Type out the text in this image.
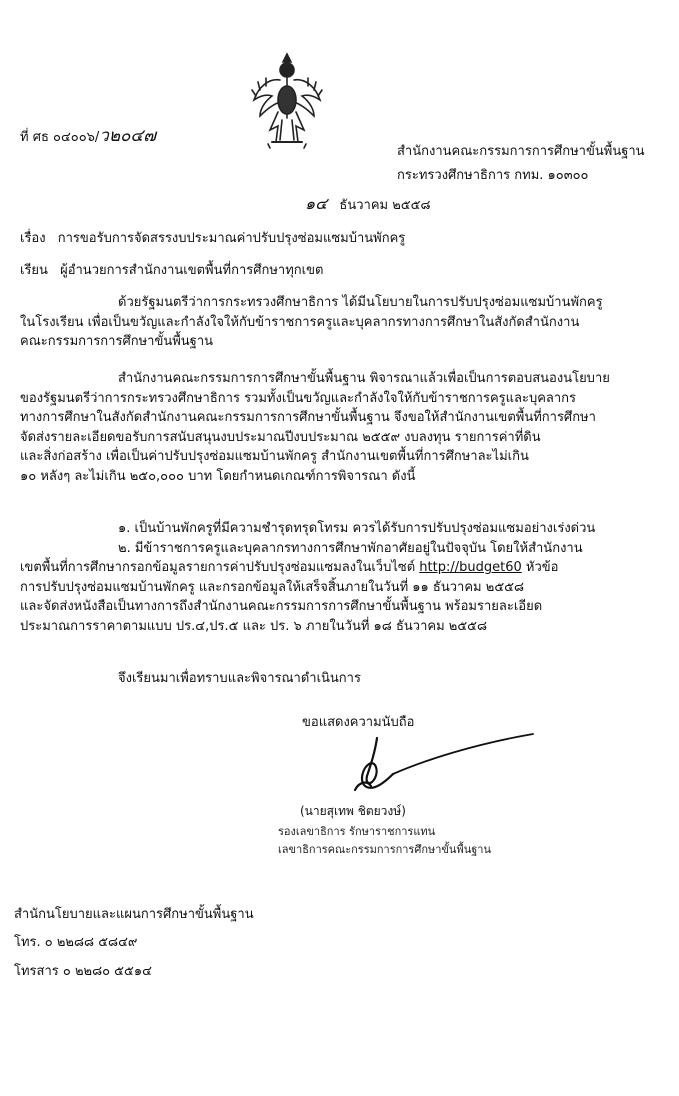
ที่ ศธ ๐๔๐๐๖/ว๒๐๔๗
สำนักงานคณะกรรมการการศึกษาขั้นพื้นฐาน
กระทรวงศึกษาธิการ กทม. ๑๐๓๐๐
๑๔ ธันวาคม ๒๕๕๘
เรื่อง การขอรับการจัดสรรงบประมาณค่าปรับปรุงซ่อมแซมบ้านพักครู
เรียน ผู้อำนวยการสำนักงานเขตพื้นที่การศึกษาทุกเขต
ด้วยรัฐมนตรีว่าการกระทรวงศึกษาธิการ ได้มีนโยบายในการปรับปรุงซ่อมแซมบ้านพักครู
ในโรงเรียน เพื่อเป็นขวัญและกำลังใจให้กับข้าราชการครูและบุคลากรทางการศึกษาในสังกัดสำนักงาน
คณะกรรมการการศึกษาขั้นพื้นฐาน
สำนักงานคณะกรรมการการศึกษาขั้นพื้นฐาน พิจารณาแล้วเพื่อเป็นการตอบสนองนโยบาย
ของรัฐมนตรีว่าการกระทรวงศึกษาธิการ รวมทั้งเป็นขวัญและกำลังใจให้กับข้าราชการครูและบุคลากร
ทางการศึกษาในสังกัดสำนักงานคณะกรรมการการศึกษาขั้นพื้นฐาน จึงขอให้สำนักงานเขตพื้นที่การศึกษา
จัดส่งรายละเอียดขอรับการสนับสนุนงบประมาณปีงบประมาณ ๒๕๕๙ งบลงทุน รายการค่าที่ดิน
และสิ่งก่อสร้าง เพื่อเป็นค่าปรับปรุงซ่อมแซมบ้านพักครู สำนักงานเขตพื้นที่การศึกษาละไม่เกิน
๑๐ หลังๆ ละไม่เกิน ๒๕๐,๐๐๐ บาท โดยกำหนดเกณฑ์การพิจารณา ดังนี้
๑. เป็นบ้านพักครูที่มีความชำรุดทรุดโทรม ควรได้รับการปรับปรุงซ่อมแซมอย่างเร่งด่วน
๒. มีข้าราชการครูและบุคลากรทางการศึกษาพักอาศัยอยู่ในปัจจุบัน โดยให้สำนักงาน
เขตพื้นที่การศึกษากรอกข้อมูลรายการค่าปรับปรุงซ่อมแซมลงในเว็บไซต์ http://budget60 หัวข้อ
การปรับปรุงซ่อมแซมบ้านพักครู และกรอกข้อมูลให้เสร็จสิ้นภายในวันที่ ๑๑ ธันวาคม ๒๕๕๘
และจัดส่งหนังสือเป็นทางการถึงสำนักงานคณะกรรมการการศึกษาขั้นพื้นฐาน พร้อมรายละเอียด
ประมาณการราคาตามแบบ ปร.๔,ปร.๕ และ ปร. ๖ ภายในวันที่ ๑๘ ธันวาคม ๒๕๕๘
จึงเรียนมาเพื่อทราบและพิจารณาดำเนินการ
ขอแสดงความนับถือ
(นายสุเทพ ชิตยวงษ์)
รองเลขาธิการ รักษาราชการแทน
เลขาธิการคณะกรรมการการศึกษาขั้นพื้นฐาน
สำนักนโยบายและแผนการศึกษาขั้นพื้นฐาน
โทร. ๐ ๒๒๘๘ ๕๘๔๙
โทรสาร ๐ ๒๒๘๐ ๕๕๑๔
